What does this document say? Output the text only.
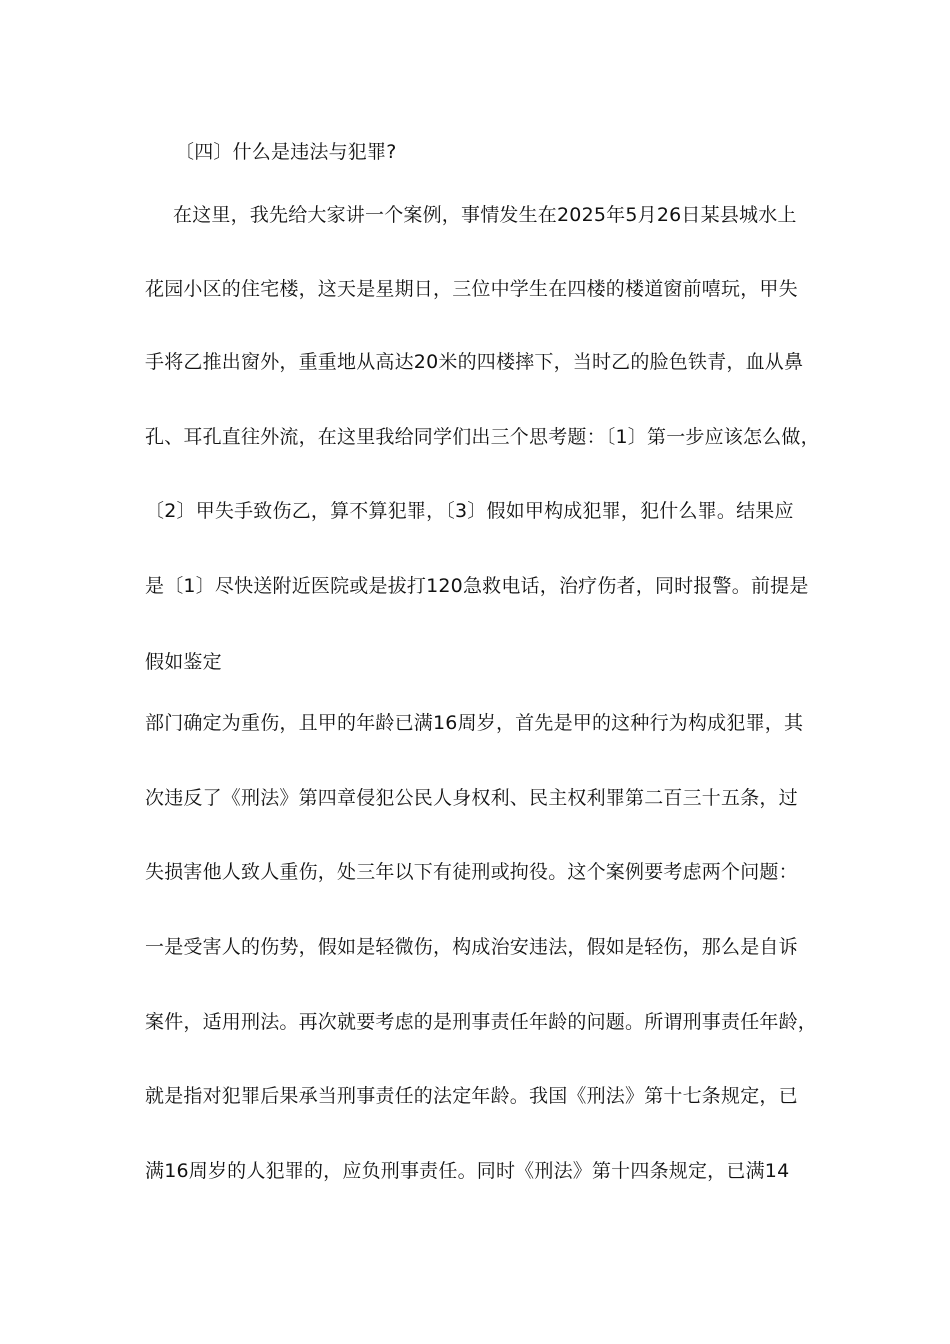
〔四〕什么是违法与犯罪?
在这里，我先给大家讲一个案例，事情发生在2025年5月26日某县城水上
花园小区的住宅楼，这天是星期日，三位中学生在四楼的楼道窗前嘻玩，甲失
手将乙推出窗外，重重地从高达20米的四楼摔下，当时乙的脸色铁青，血从鼻
孔、耳孔直往外流，在这里我给同学们出三个思考题：〔1〕第一步应该怎么做，
〔2〕甲失手致伤乙，算不算犯罪，〔3〕假如甲构成犯罪，犯什么罪。结果应
是〔1〕尽快送附近医院或是拔打120急救电话，治疗伤者，同时报警。前提是
假如鉴定
部门确定为重伤，且甲的年龄已满16周岁，首先是甲的这种行为构成犯罪，其
次违反了《刑法》第四章侵犯公民人身权利、民主权利罪第二百三十五条，过
失损害他人致人重伤，处三年以下有徒刑或拘役。这个案例要考虑两个问题：
一是受害人的伤势，假如是轻微伤，构成治安违法，假如是轻伤，那么是自诉
案件，适用刑法。再次就要考虑的是刑事责任年龄的问题。所谓刑事责任年龄，
就是指对犯罪后果承当刑事责任的法定年龄。我国《刑法》第十七条规定，已
满16周岁的人犯罪的，应负刑事责任。同时《刑法》第十四条规定，已满14
